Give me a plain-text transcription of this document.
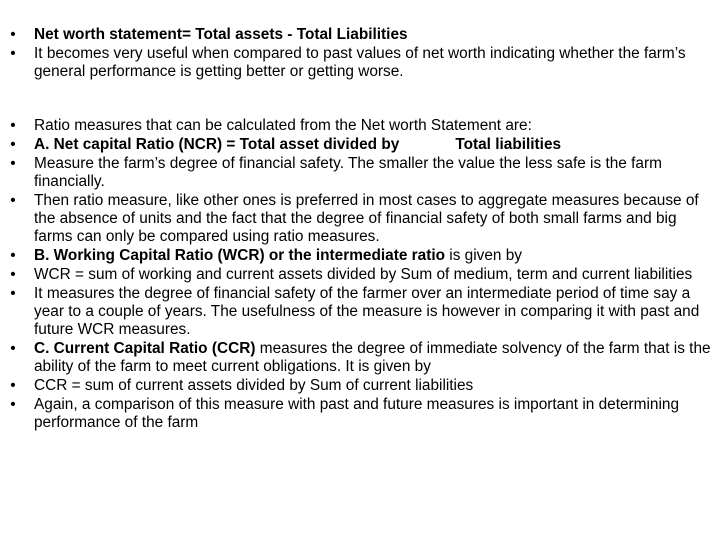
• Net worth statement= Total assets - Total Liabilities
• It becomes very useful when compared to past values of net worth indicating whether the farm’s general performance is getting better or getting worse.
• Ratio measures that can be calculated from the Net worth Statement are:
• A. Net capital Ratio (NCR) = Total asset divided by	Total liabilities
• Measure the farm’s degree of financial safety. The smaller the value the less safe is the farm financially.
• Then ratio measure, like other ones is preferred in most cases to aggregate measures because of the absence of units and the fact that the degree of financial safety of both small farms and big farms can only be compared using ratio measures.
• B. Working Capital Ratio (WCR) or the intermediate ratio is given by
• WCR = sum of working and current assets divided by Sum of medium, term and current liabilities
• It measures the degree of financial safety of the farmer over an intermediate period of time say a year to a couple of years. The usefulness of the measure is however in comparing it with past and future WCR measures.
• C. Current Capital Ratio (CCR) measures the degree of immediate solvency of the farm that is the ability of the farm to meet current obligations. It is given by
• CCR = sum of current assets divided by Sum of current liabilities
• Again, a comparison of this measure with past and future measures is important in determining performance of the farm
